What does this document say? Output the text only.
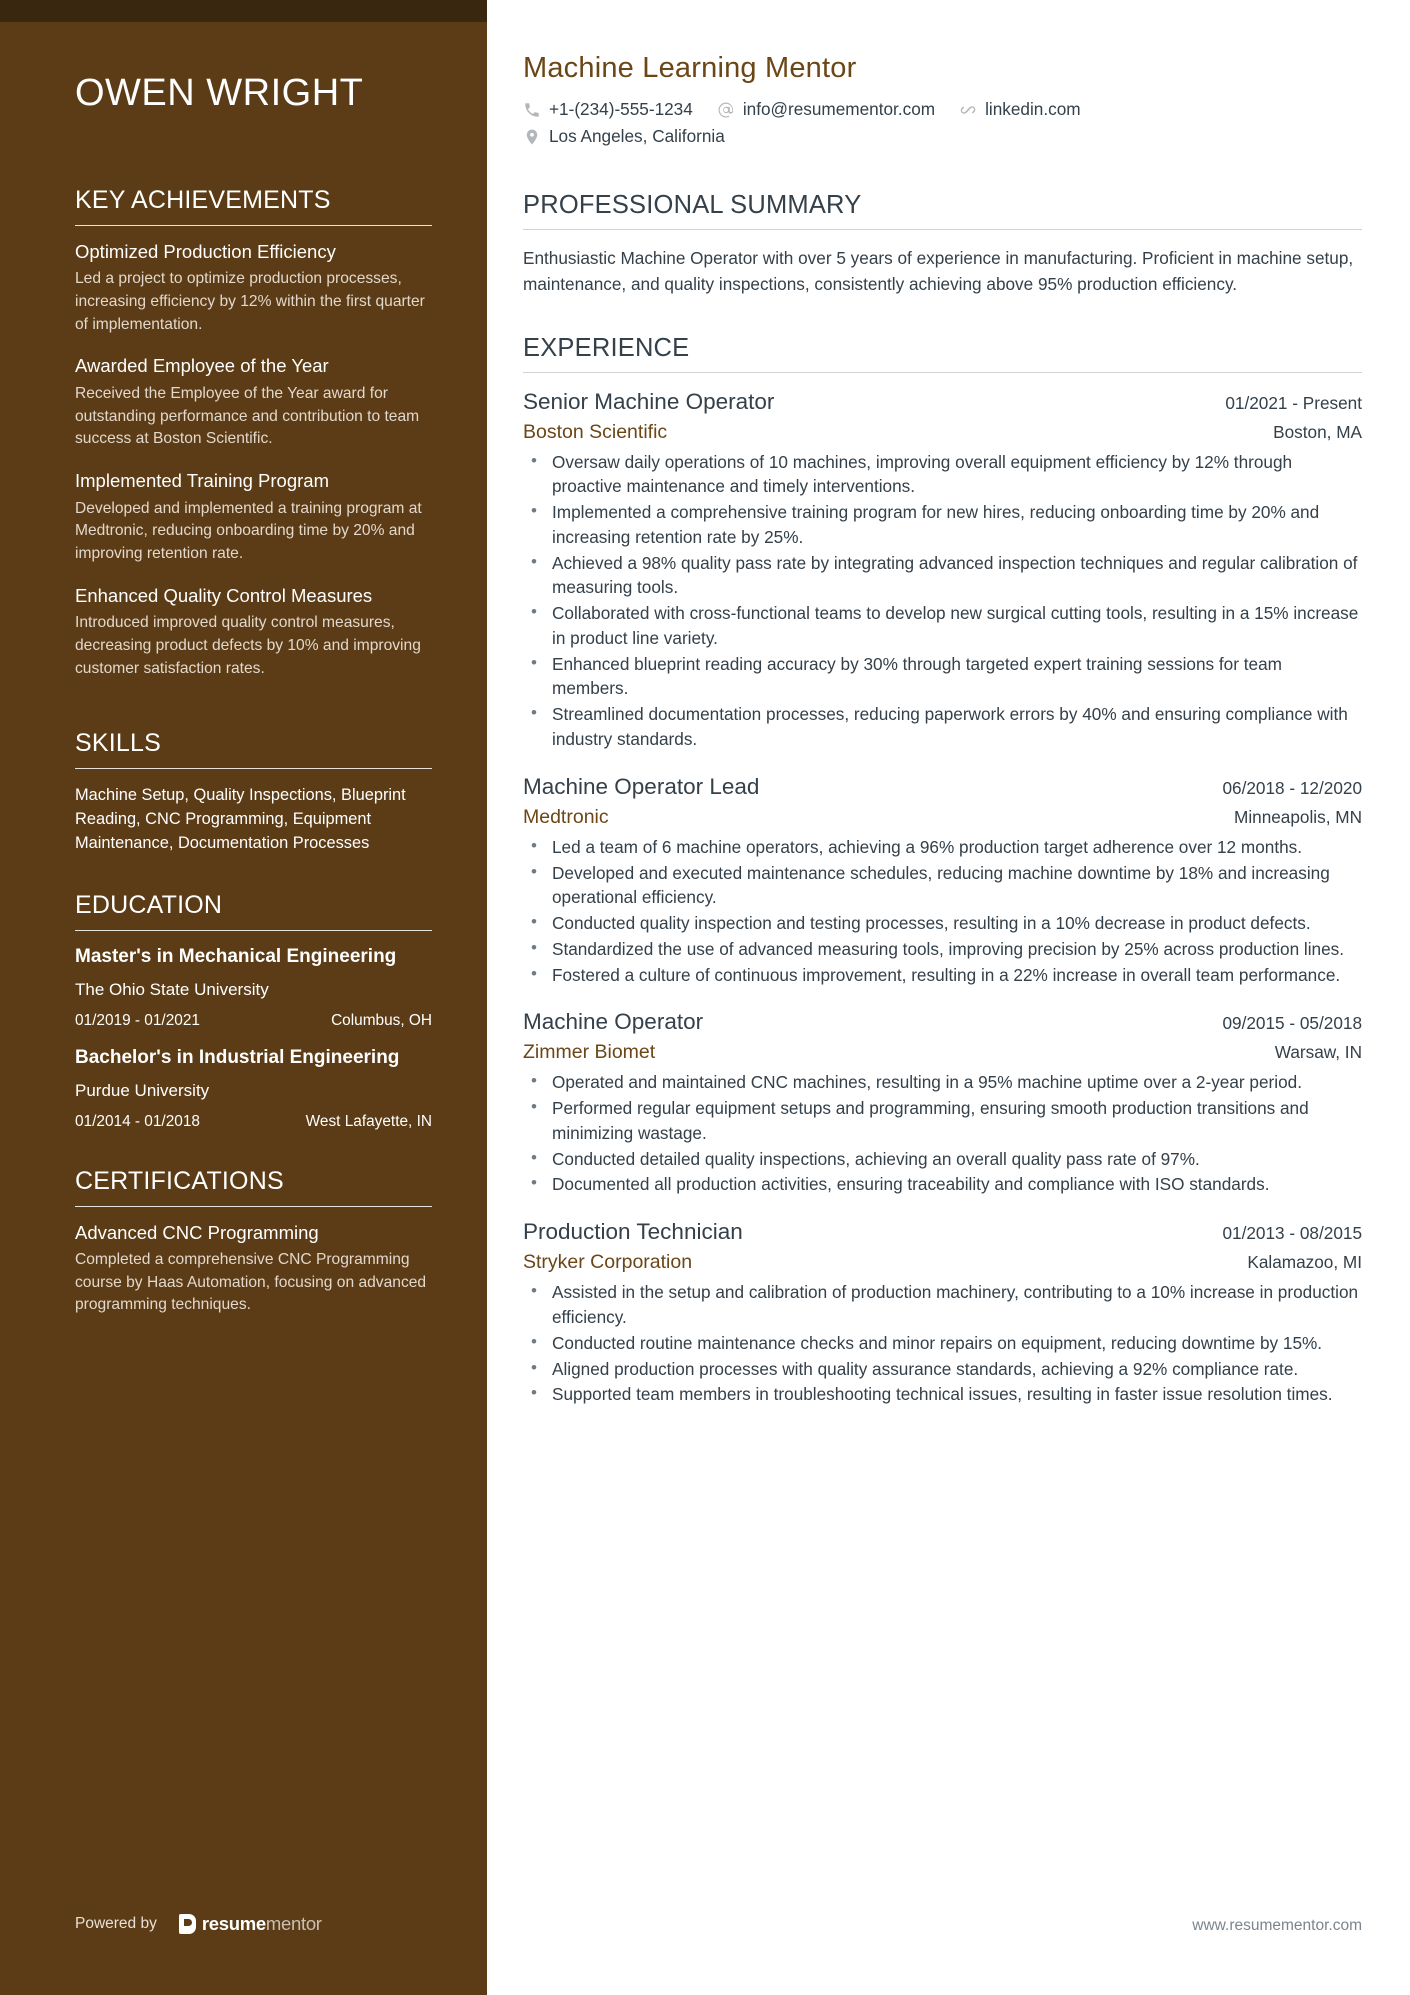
OWEN WRIGHT
KEY ACHIEVEMENTS
Optimized Production Efficiency
Led a project to optimize production processes, increasing efficiency by 12% within the first quarter of implementation.
Awarded Employee of the Year
Received the Employee of the Year award for outstanding performance and contribution to team success at Boston Scientific.
Implemented Training Program
Developed and implemented a training program at Medtronic, reducing onboarding time by 20% and improving retention rate.
Enhanced Quality Control Measures
Introduced improved quality control measures, decreasing product defects by 10% and improving customer satisfaction rates.
SKILLS
Machine Setup, Quality Inspections, Blueprint Reading, CNC Programming, Equipment Maintenance, Documentation Processes
EDUCATION
Master's in Mechanical Engineering
The Ohio State University
01/2019 - 01/2021	Columbus, OH
Bachelor's in Industrial Engineering
Purdue University
01/2014 - 01/2018	West Lafayette, IN
CERTIFICATIONS
Advanced CNC Programming
Completed a comprehensive CNC Programming course by Haas Automation, focusing on advanced programming techniques.
Powered by resumementor
Machine Learning Mentor
+1-(234)-555-1234	info@resumementor.com	linkedin.com
Los Angeles, California
PROFESSIONAL SUMMARY

Enthusiastic Machine Operator with over 5 years of experience in manufacturing. Proficient in machine setup, maintenance, and quality inspections, consistently achieving above 95% production efficiency.

EXPERIENCE
Senior Machine Operator	01/2021 - Present
Boston Scientific	Boston, MA
• Oversaw daily operations of 10 machines, improving overall equipment efficiency by 12% through proactive maintenance and timely interventions.
• Implemented a comprehensive training program for new hires, reducing onboarding time by 20% and increasing retention rate by 25%.
• Achieved a 98% quality pass rate by integrating advanced inspection techniques and regular calibration of measuring tools.
• Collaborated with cross-functional teams to develop new surgical cutting tools, resulting in a 15% increase in product line variety.
• Enhanced blueprint reading accuracy by 30% through targeted expert training sessions for team members.
• Streamlined documentation processes, reducing paperwork errors by 40% and ensuring compliance with industry standards.
Machine Operator Lead	06/2018 - 12/2020
Medtronic	Minneapolis, MN
• Led a team of 6 machine operators, achieving a 96% production target adherence over 12 months.
• Developed and executed maintenance schedules, reducing machine downtime by 18% and increasing operational efficiency.
• Conducted quality inspection and testing processes, resulting in a 10% decrease in product defects.
• Standardized the use of advanced measuring tools, improving precision by 25% across production lines.
• Fostered a culture of continuous improvement, resulting in a 22% increase in overall team performance.
Machine Operator	09/2015 - 05/2018
Zimmer Biomet	Warsaw, IN
• Operated and maintained CNC machines, resulting in a 95% machine uptime over a 2-year period.
• Performed regular equipment setups and programming, ensuring smooth production transitions and minimizing wastage.
• Conducted detailed quality inspections, achieving an overall quality pass rate of 97%.
• Documented all production activities, ensuring traceability and compliance with ISO standards.
Production Technician	01/2013 - 08/2015
Stryker Corporation	Kalamazoo, MI
• Assisted in the setup and calibration of production machinery, contributing to a 10% increase in production efficiency.
• Conducted routine maintenance checks and minor repairs on equipment, reducing downtime by 15%.
• Aligned production processes with quality assurance standards, achieving a 92% compliance rate.
• Supported team members in troubleshooting technical issues, resulting in faster issue resolution times.
www.resumementor.com
